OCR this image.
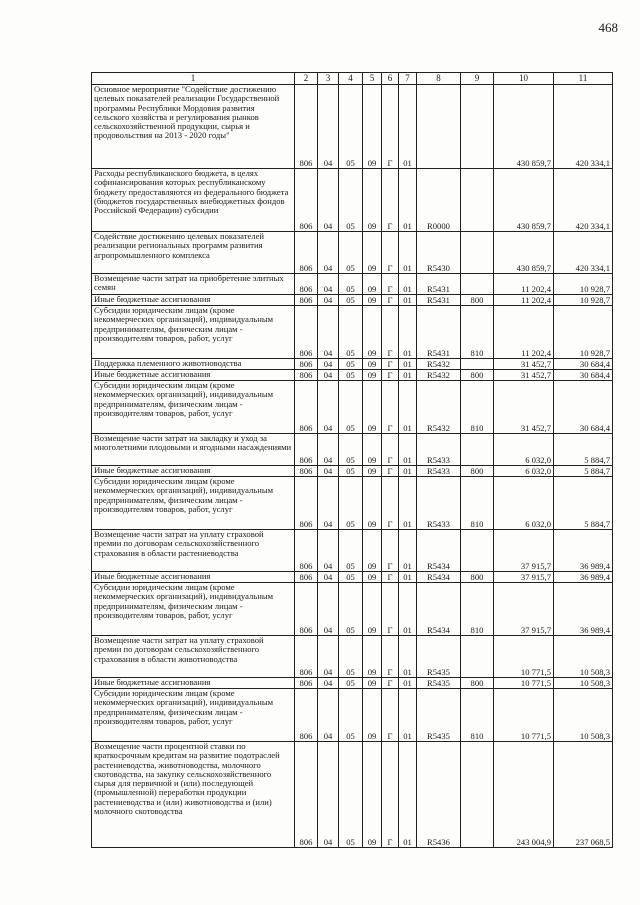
468
1	2	3	4	5	6	7	8	9	10	11
Основное мероприятие "Содействие достижению целевых показателей реализации Государственной программы Республики Мордовия развития сельского хозяйства и регулирования рынков сельскохозяйственной продукции, сырья и продовольствия на 2013 - 2020 годы"	806	04	05	09	Г	01			430 859,7	420 334,1
Расходы республиканского бюджета, в целях софинансирования которых республиканскому бюджету предоставляются из федерального бюджета (бюджетов государственных внебюджетных фондов Российской Федерации) субсидии	806	04	05	09	Г	01	R0000		430 859,7	420 334,1
Содействие достижению целевых показателей реализации региональных программ развития агропромышленного комплекса	806	04	05	09	Г	01	R5430		430 859,7	420 334,1
Возмещение части затрат на приобретение элитных семян	806	04	05	09	Г	01	R5431		11 202,4	10 928,7
Иные бюджетные ассигнования	806	04	05	09	Г	01	R5431	800	11 202,4	10 928,7
Субсидии юридическим лицам (кроме некоммерческих организаций), индивидуальным предпринимателям, физическим лицам - производителям товаров, работ, услуг	806	04	05	09	Г	01	R5431	810	11 202,4	10 928,7
Поддержка племенного животноводства	806	04	05	09	Г	01	R5432		31 452,7	30 684,4
Иные бюджетные ассигнования	806	04	05	09	Г	01	R5432	800	31 452,7	30 684,4
Субсидии юридическим лицам (кроме некоммерческих организаций), индивидуальным предпринимателям, физическим лицам - производителям товаров, работ, услуг	806	04	05	09	Г	01	R5432	810	31 452,7	30 684,4
Возмещение части затрат на закладку и уход за многолетними плодовыми и ягодными насаждениями	806	04	05	09	Г	01	R5433		6 032,0	5 884,7
Иные бюджетные ассигнования	806	04	05	09	Г	01	R5433	800	6 032,0	5 884,7
Субсидии юридическим лицам (кроме некоммерческих организаций), индивидуальным предпринимателям, физическим лицам - производителям товаров, работ, услуг	806	04	05	09	Г	01	R5433	810	6 032,0	5 884,7
Возмещение части затрат на уплату страховой премии по договорам сельскохозяйственного страхования в области растениеводства	806	04	05	09	Г	01	R5434		37 915,7	36 989,4
Иные бюджетные ассигнования	806	04	05	09	Г	01	R5434	800	37 915,7	36 989,4
Субсидии юридическим лицам (кроме некоммерческих организаций), индивидуальным предпринимателям, физическим лицам - производителям товаров, работ, услуг	806	04	05	09	Г	01	R5434	810	37 915,7	36 989,4
Возмещение части затрат на уплату страховой премии по договорам сельскохозяйственного страхования в области животноводства	806	04	05	09	Г	01	R5435		10 771,5	10 508,3
Иные бюджетные ассигнования	806	04	05	09	Г	01	R5435	800	10 771,5	10 508,3
Субсидии юридическим лицам (кроме некоммерческих организаций), индивидуальным предпринимателям, физическим лицам - производителям товаров, работ, услуг	806	04	05	09	Г	01	R5435	810	10 771,5	10 508,3
Возмещение части процентной ставки по краткосрочным кредитам на развитие подотраслей растениеводства, животноводства, молочного скотоводства, на закупку сельскохозяйственного сырья для первичной и (или) последующей (промышленной) переработки продукции растениеводства и (или) животноводства и (или) молочного скотоводства	806	04	05	09	Г	01	R5436		243 004,9	237 068,5
